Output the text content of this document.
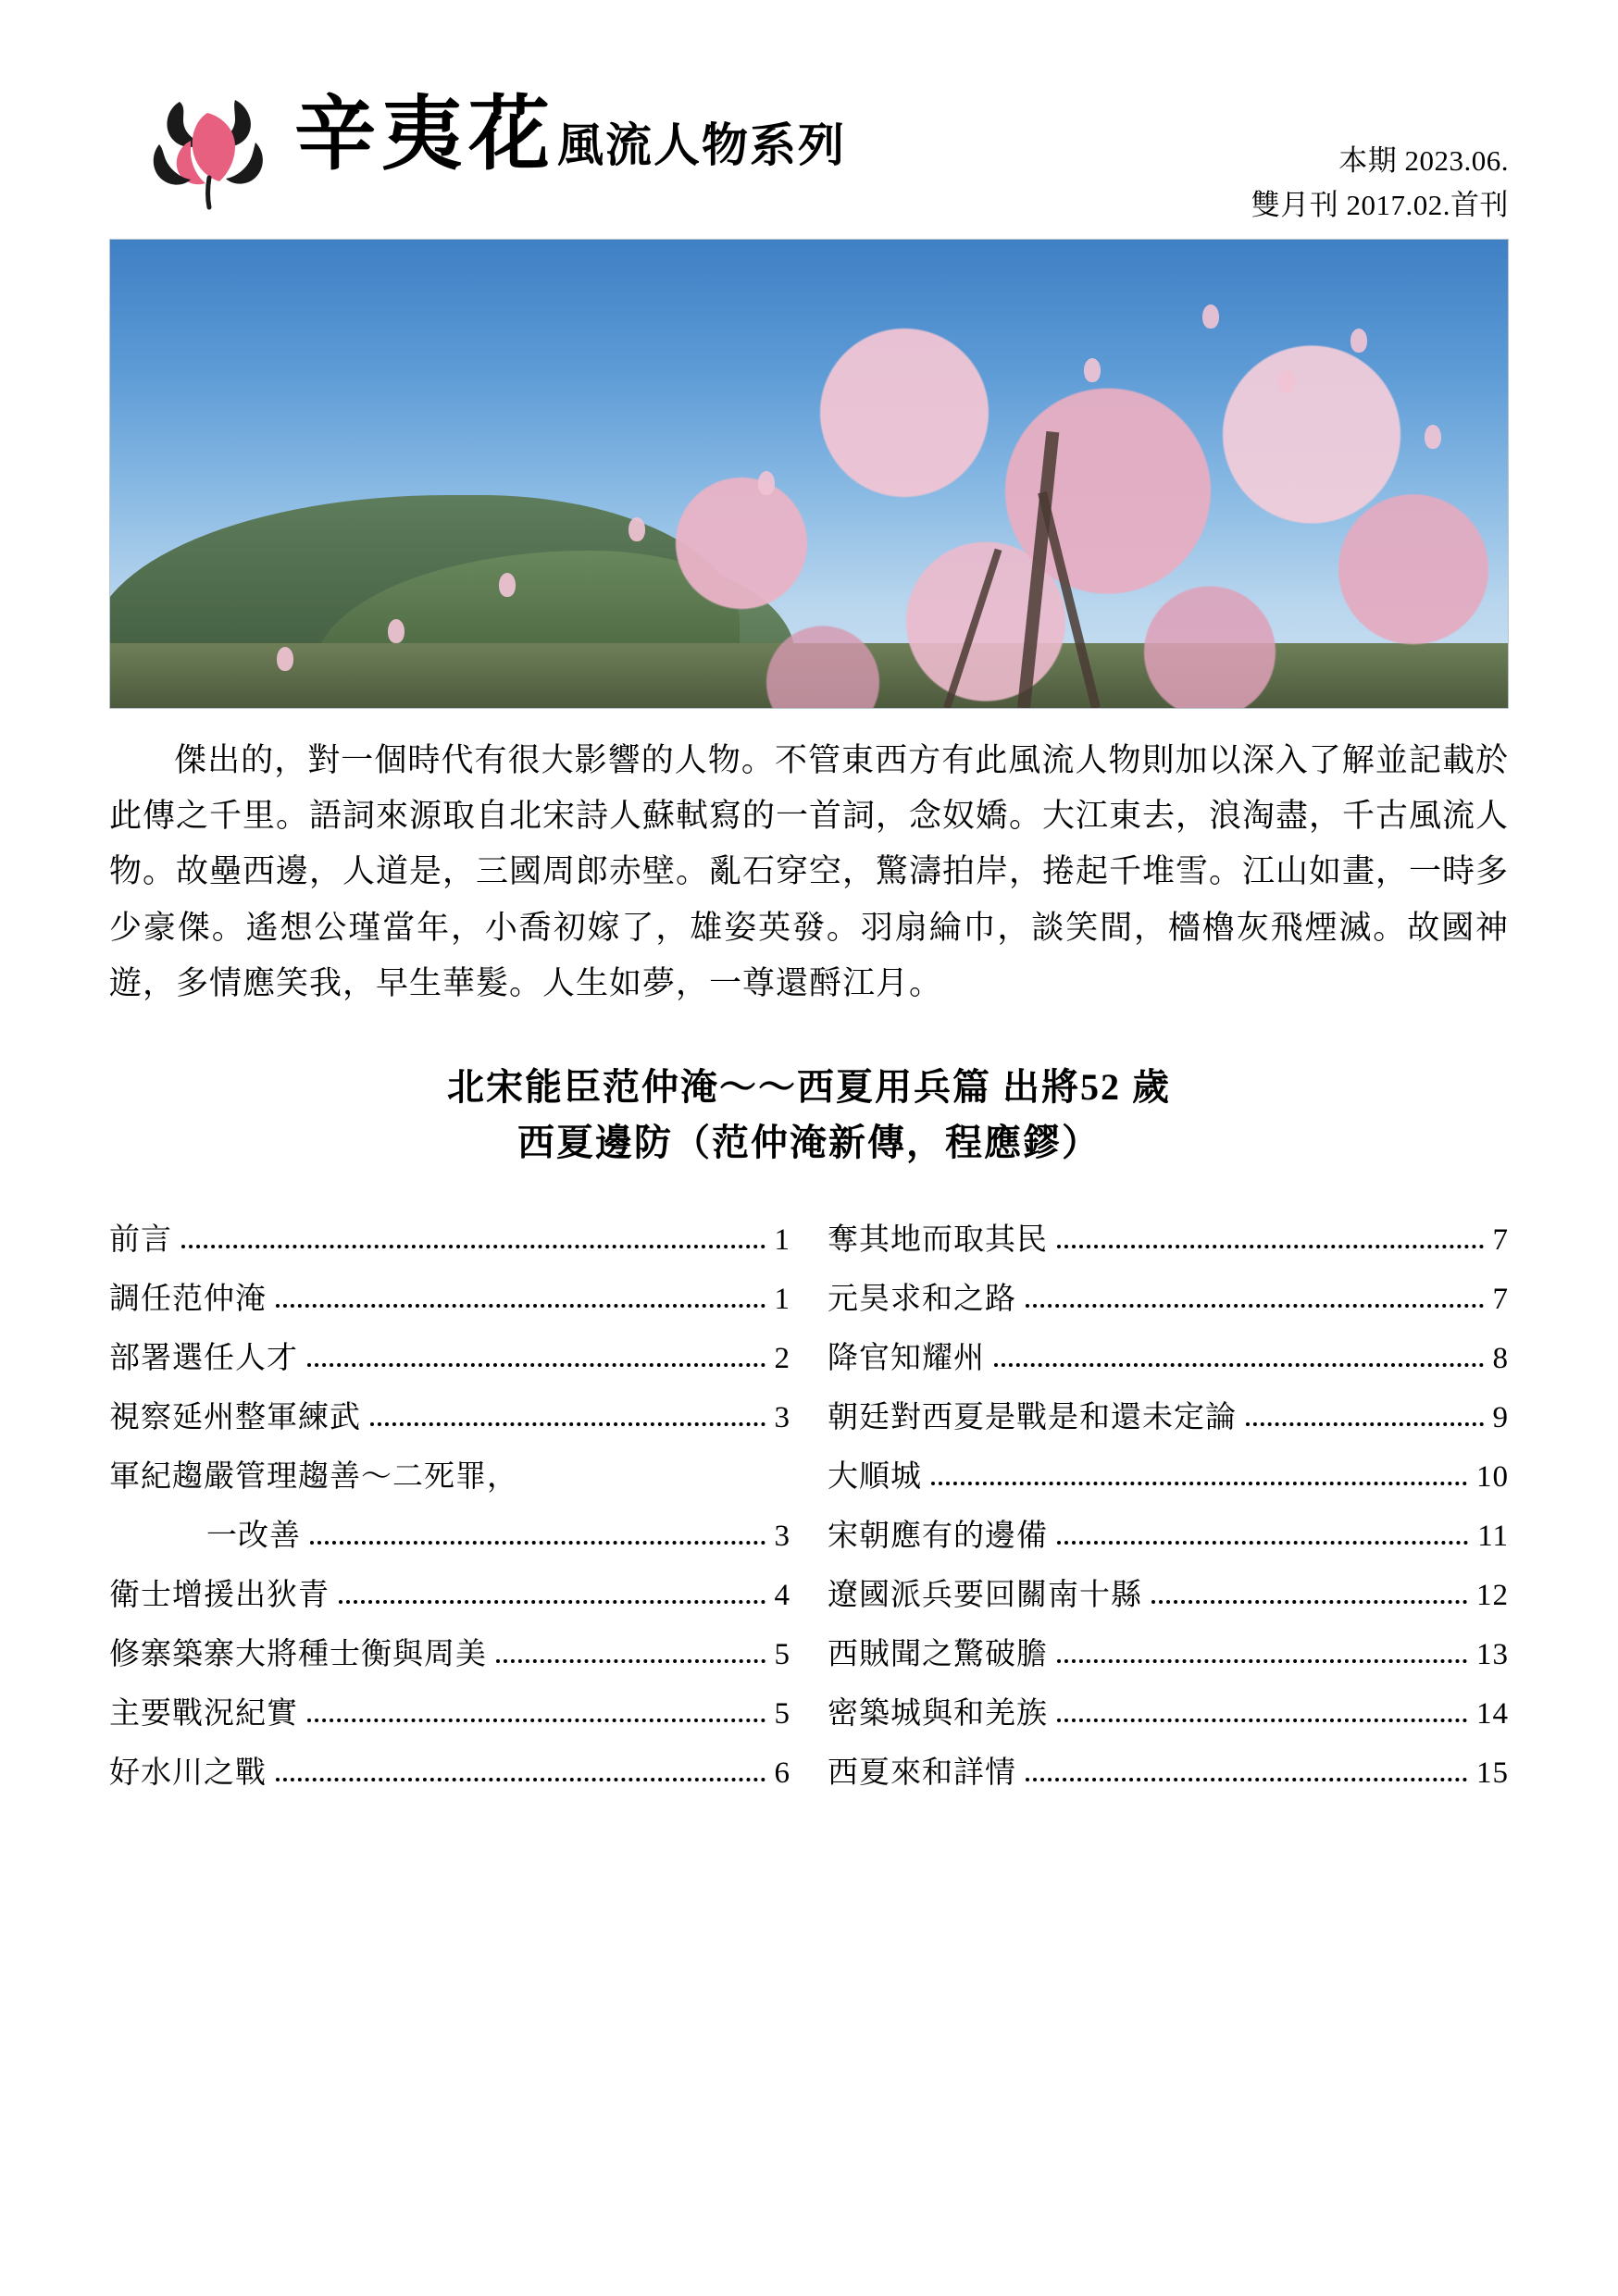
辛夷花 風流人物系列	本期 2023.06.
雙月刊 2017.02.首刊
傑出的，對一個時代有很大影響的人物。不管東西方有此風流人物則加以深入了解並記載於此傳之千里。語詞來源取自北宋詩人蘇軾寫的一首詞，念奴嬌。大江東去，浪淘盡，千古風流人物。故壘西邊，人道是，三國周郎赤壁。亂石穿空，驚濤拍岸，捲起千堆雪。江山如畫，一時多少豪傑。遙想公瑾當年，小喬初嫁了，雄姿英發。羽扇綸巾，談笑間，檣櫓灰飛煙滅。故國神遊，多情應笑我，早生華髮。人生如夢，一尊還酹江月。
北宋能臣范仲淹～～西夏用兵篇 出將52 歲
西夏邊防（范仲淹新傳，程應鏐）
前言	1
調任范仲淹	1
部署選任人才	2
視察延州整軍練武	3
軍紀趨嚴管理趨善～二死罪，
一改善	3
衛士增援出狄青	4
修寨築寨大將種士衡與周美	5
主要戰況紀實	5
好水川之戰	6
奪其地而取其民	7
元昊求和之路	7
降官知耀州	8
朝廷對西夏是戰是和還未定論	9
大順城	10
宋朝應有的邊備	11
遼國派兵要回關南十縣	12
西賊聞之驚破膽	13
密築城與和羌族	14
西夏來和詳情	15
